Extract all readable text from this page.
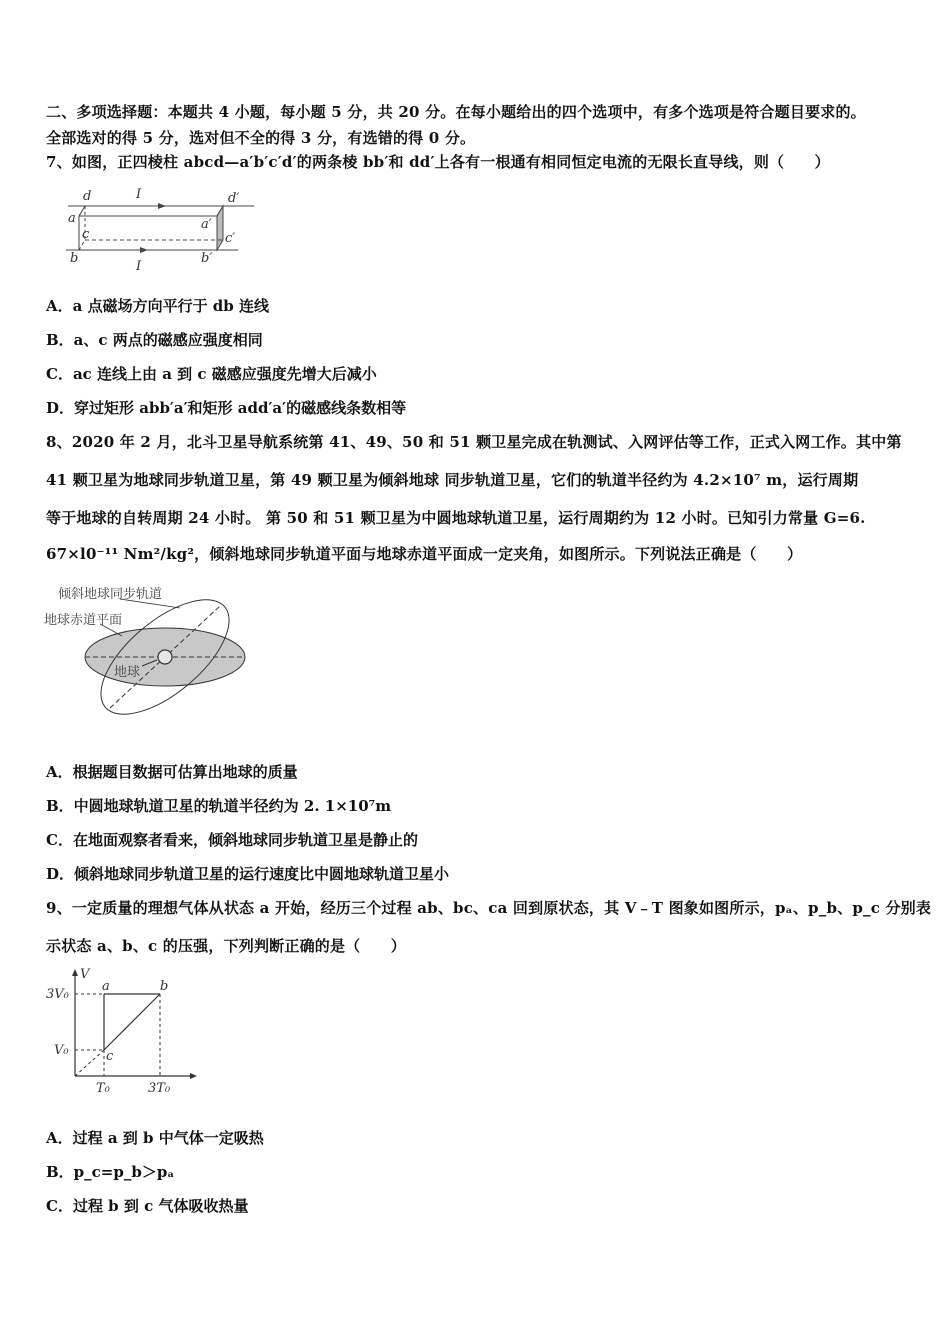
二、多项选择题：本题共 4 小题，每小题 5 分，共 20 分。在每小题给出的四个选项中，有多个选项是符合题目要求的。
全部选对的得 5 分，选对但不全的得 3 分，有选错的得 0 分。
7、如图，正四棱柱 abcd—a′b′c′d′的两条棱 bb′和 dd′上各有一根通有相同恒定电流的无限长直导线，则（　　）
d
a
c
b
a′
d′
c′
b′
I
I
A．a 点磁场方向平行于 db 连线
B．a、c 两点的磁感应强度相同
C．ac 连线上由 a 到 c 磁感应强度先增大后减小
D．穿过矩形 abb′a′和矩形 add′a′的磁感线条数相等
8、2020 年 2 月，北斗卫星导航系统第 41、49、50 和 51 颗卫星完成在轨测试、入网评估等工作，正式入网工作。其中第
41 颗卫星为地球同步轨道卫星，第 49 颗卫星为倾斜地球 同步轨道卫星，它们的轨道半径约为 4.2×10⁷ m，运行周期
等于地球的自转周期 24 小时。 第 50 和 51 颗卫星为中圆地球轨道卫星，运行周期约为 12 小时。已知引力常量 G=6.
67×l0⁻¹¹ Nm²/kg²，倾斜地球同步轨道平面与地球赤道平面成一定夹角，如图所示。下列说法正确是（　　）
倾斜地球同步轨道
地球赤道平面
地球
A．根据题目数据可估算出地球的质量
B．中圆地球轨道卫星的轨道半径约为 2. 1×10⁷m
C．在地面观察者看来，倾斜地球同步轨道卫星是静止的
D．倾斜地球同步轨道卫星的运行速度比中圆地球轨道卫星小
9、一定质量的理想气体从状态 a 开始，经历三个过程 ab、bc、ca 回到原状态，其 V﹣T 图象如图所示，pₐ、p_b、p_c 分别表
示状态 a、b、c 的压强，下列判断正确的是（　　）
V
3V₀
V₀
T₀	3T₀
a	b
c
A．过程 a 到 b 中气体一定吸热
B．p_c=p_b＞pₐ
C．过程 b 到 c 气体吸收热量
